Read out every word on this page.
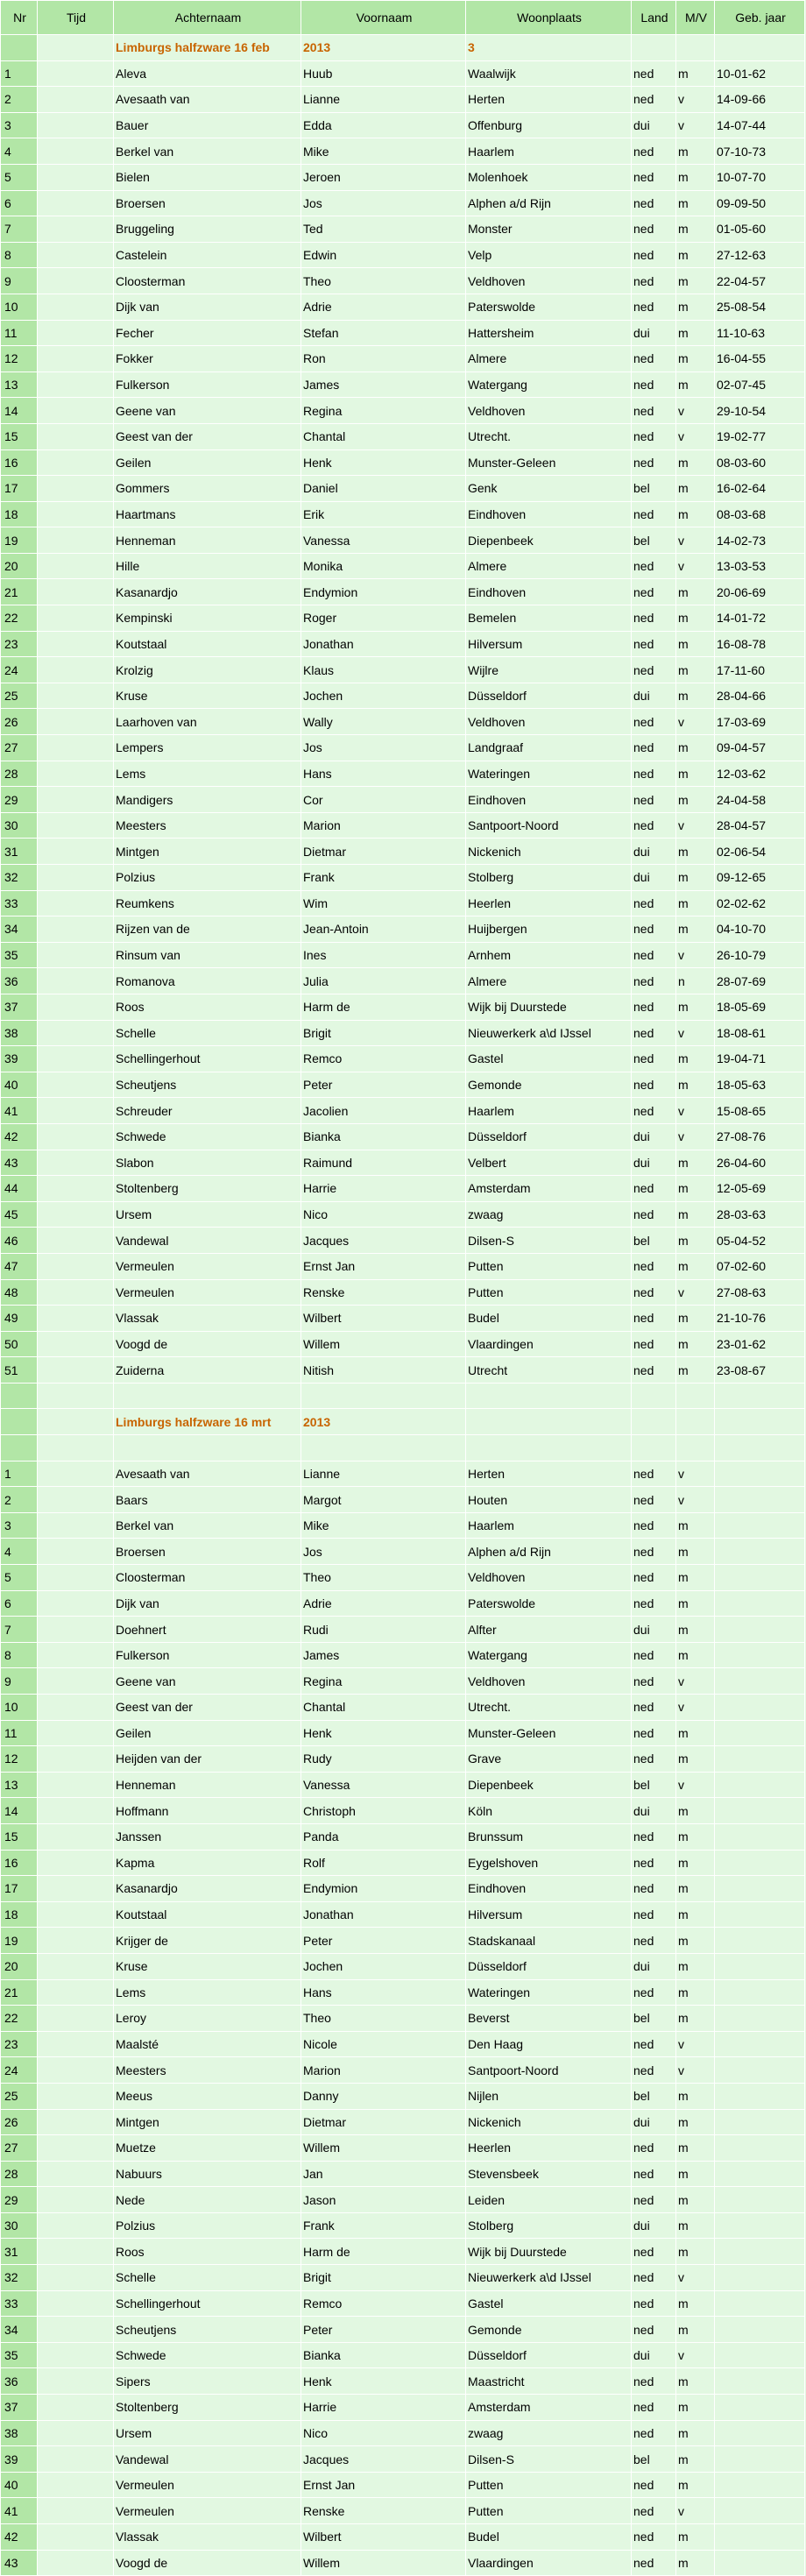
Nr	Tijd	Achternaam	Voornaam	Woonplaats	Land	M/V	Geb. jaar
		Limburgs halfzware 16 feb	2013	3			
1		Aleva	Huub	Waalwijk	ned	m	10-01-62
2		Avesaath van	Lianne	Herten	ned	v	14-09-66
3		Bauer	Edda	Offenburg	dui	v	14-07-44
4		Berkel van	Mike	Haarlem	ned	m	07-10-73
5		Bielen	Jeroen	Molenhoek	ned	m	10-07-70
6		Broersen	Jos	Alphen a/d Rijn	ned	m	09-09-50
7		Bruggeling	Ted	Monster	ned	m	01-05-60
8		Castelein	Edwin	Velp	ned	m	27-12-63
9		Cloosterman	Theo	Veldhoven	ned	m	22-04-57
10		Dijk van	Adrie	Paterswolde	ned	m	25-08-54
11		Fecher	Stefan	Hattersheim	dui	m	11-10-63
12		Fokker	Ron	Almere	ned	m	16-04-55
13		Fulkerson	James	Watergang	ned	m	02-07-45
14		Geene van	Regina	Veldhoven	ned	v	29-10-54
15		Geest van der	Chantal	Utrecht.	ned	v	19-02-77
16		Geilen	Henk	Munster-Geleen	ned	m	08-03-60
17		Gommers	Daniel	Genk	bel	m	16-02-64
18		Haartmans	Erik	Eindhoven	ned	m	08-03-68
19		Henneman	Vanessa	Diepenbeek	bel	v	14-02-73
20		Hille	Monika	Almere	ned	v	13-03-53
21		Kasanardjo	Endymion	Eindhoven	ned	m	20-06-69
22		Kempinski	Roger	Bemelen	ned	m	14-01-72
23		Koutstaal	Jonathan	Hilversum	ned	m	16-08-78
24		Krolzig	Klaus	Wijlre	ned	m	17-11-60
25		Kruse	Jochen	Düsseldorf	dui	m	28-04-66
26		Laarhoven van	Wally	Veldhoven	ned	v	17-03-69
27		Lempers	Jos	Landgraaf	ned	m	09-04-57
28		Lems	Hans	Wateringen	ned	m	12-03-62
29		Mandigers	Cor	Eindhoven	ned	m	24-04-58
30		Meesters	Marion	Santpoort-Noord	ned	v	28-04-57
31		Mintgen	Dietmar	Nickenich	dui	m	02-06-54
32		Polzius	Frank	Stolberg	dui	m	09-12-65
33		Reumkens	Wim	Heerlen	ned	m	02-02-62
34		Rijzen van de	Jean-Antoin	Huijbergen	ned	m	04-10-70
35		Rinsum van	Ines	Arnhem	ned	v	26-10-79
36		Romanova	Julia	Almere	ned	n	28-07-69
37		Roos	Harm de	Wijk bij Duurstede	ned	m	18-05-69
38		Schelle	Brigit	Nieuwerkerk a\d IJssel	ned	v	18-08-61
39		Schellingerhout	Remco	Gastel	ned	m	19-04-71
40		Scheutjens	Peter	Gemonde	ned	m	18-05-63
41		Schreuder	Jacolien	Haarlem	ned	v	15-08-65
42		Schwede	Bianka	Düsseldorf	dui	v	27-08-76
43		Slabon	Raimund	Velbert	dui	m	26-04-60
44		Stoltenberg	Harrie	Amsterdam	ned	m	12-05-69
45		Ursem	Nico	zwaag	ned	m	28-03-63
46		Vandewal	Jacques	Dilsen-S	bel	m	05-04-52
47		Vermeulen	Ernst Jan	Putten	ned	m	07-02-60
48		Vermeulen	Renske	Putten	ned	v	27-08-63
49		Vlassak	Wilbert	Budel	ned	m	21-10-76
50		Voogd de	Willem	Vlaardingen	ned	m	23-01-62
51		Zuiderna	Nitish	Utrecht	ned	m	23-08-67

		Limburgs halfzware 16 mrt	2013				

1		Avesaath van	Lianne	Herten	ned	v	
2		Baars	Margot	Houten	ned	v	
3		Berkel van	Mike	Haarlem	ned	m	
4		Broersen	Jos	Alphen a/d Rijn	ned	m	
5		Cloosterman	Theo	Veldhoven	ned	m	
6		Dijk van	Adrie	Paterswolde	ned	m	
7		Doehnert	Rudi	Alfter	dui	m	
8		Fulkerson	James	Watergang	ned	m	
9		Geene van	Regina	Veldhoven	ned	v	
10		Geest van der	Chantal	Utrecht.	ned	v	
11		Geilen	Henk	Munster-Geleen	ned	m	
12		Heijden van der	Rudy	Grave	ned	m	
13		Henneman	Vanessa	Diepenbeek	bel	v	
14		Hoffmann	Christoph	Köln	dui	m	
15		Janssen	Panda	Brunssum	ned	m	
16		Kapma	Rolf	Eygelshoven	ned	m	
17		Kasanardjo	Endymion	Eindhoven	ned	m	
18		Koutstaal	Jonathan	Hilversum	ned	m	
19		Krijger de	Peter	Stadskanaal	ned	m	
20		Kruse	Jochen	Düsseldorf	dui	m	
21		Lems	Hans	Wateringen	ned	m	
22		Leroy	Theo	Beverst	bel	m	
23		Maalsté	Nicole	Den Haag	ned	v	
24		Meesters	Marion	Santpoort-Noord	ned	v	
25		Meeus	Danny	Nijlen	bel	m	
26		Mintgen	Dietmar	Nickenich	dui	m	
27		Muetze	Willem	Heerlen	ned	m	
28		Nabuurs	Jan	Stevensbeek	ned	m	
29		Nede	Jason	Leiden	ned	m	
30		Polzius	Frank	Stolberg	dui	m	
31		Roos	Harm de	Wijk bij Duurstede	ned	m	
32		Schelle	Brigit	Nieuwerkerk a\d IJssel	ned	v	
33		Schellingerhout	Remco	Gastel	ned	m	
34		Scheutjens	Peter	Gemonde	ned	m	
35		Schwede	Bianka	Düsseldorf	dui	v	
36		Sipers	Henk	Maastricht	ned	m	
37		Stoltenberg	Harrie	Amsterdam	ned	m	
38		Ursem	Nico	zwaag	ned	m	
39		Vandewal	Jacques	Dilsen-S	bel	m	
40		Vermeulen	Ernst Jan	Putten	ned	m	
41		Vermeulen	Renske	Putten	ned	v	
42		Vlassak	Wilbert	Budel	ned	m	
43		Voogd de	Willem	Vlaardingen	ned	m	
